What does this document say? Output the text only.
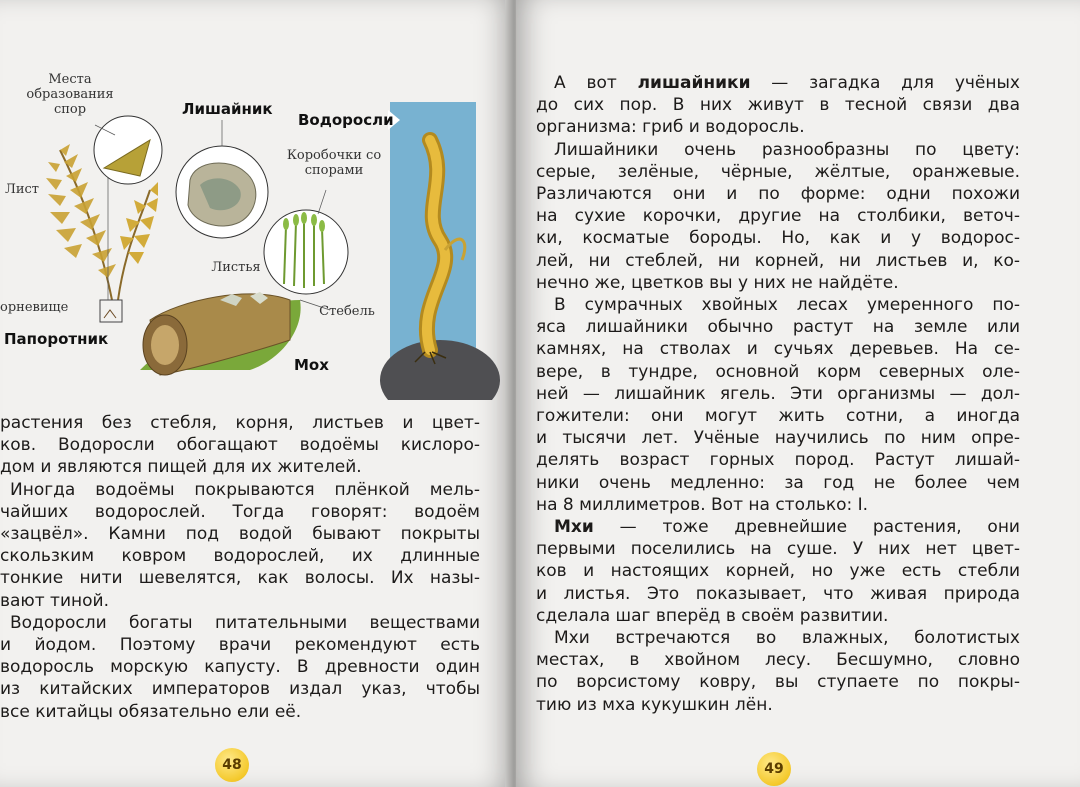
Места образования спор	Лишайник
Водоросли
Коробочки со спорами
Лист
Листья
орневище	Стебель
Папоротник
Мох
растения без стебля, корня, листьев и цвет-
ков. Водоросли обогащают водоёмы кислоро-
дом и являются пищей для их жителей.
Иногда водоёмы покрываются плёнкой мель-
чайших водорослей. Тогда говорят: водоём
«зацвёл». Камни под водой бывают покрыты
скользким ковром водорослей, их длинные
тонкие нити шевелятся, как волосы. Их назы-
вают тиной.
Водоросли богаты питательными веществами
и йодом. Поэтому врачи рекомендуют есть
водоросль морскую капусту. В древности один
из китайских императоров издал указ, чтобы
все китайцы обязательно ели её.
48
А вот лишайники — загадка для учёных
до сих пор. В них живут в тесной связи два
организма: гриб и водоросль.
Лишайники очень разнообразны по цвету:
серые, зелёные, чёрные, жёлтые, оранжевые.
Различаются они и по форме: одни похожи
на сухие корочки, другие на столбики, веточ-
ки, косматые бороды. Но, как и у водорос-
лей, ни стеблей, ни корней, ни листьев и, ко-
нечно же, цветков вы у них не найдёте.
В сумрачных хвойных лесах умеренного по-
яса лишайники обычно растут на земле или
камнях, на стволах и сучьях деревьев. На се-
вере, в тундре, основной корм северных оле-
ней — лишайник ягель. Эти организмы — дол-
гожители: они могут жить сотни, а иногда
и тысячи лет. Учёные научились по ним опре-
делять возраст горных пород. Растут лишай-
ники очень медленно: за год не более чем
на 8 миллиметров. Вот на столько: I.
Мхи — тоже древнейшие растения, они
первыми поселились на суше. У них нет цвет-
ков и настоящих корней, но уже есть стебли
и листья. Это показывает, что живая природа
сделала шаг вперёд в своём развитии.
Мхи встречаются во влажных, болотистых
местах, в хвойном лесу. Бесшумно, словно
по ворсистому ковру, вы ступаете по покры-
тию из мха кукушкин лён.
49
